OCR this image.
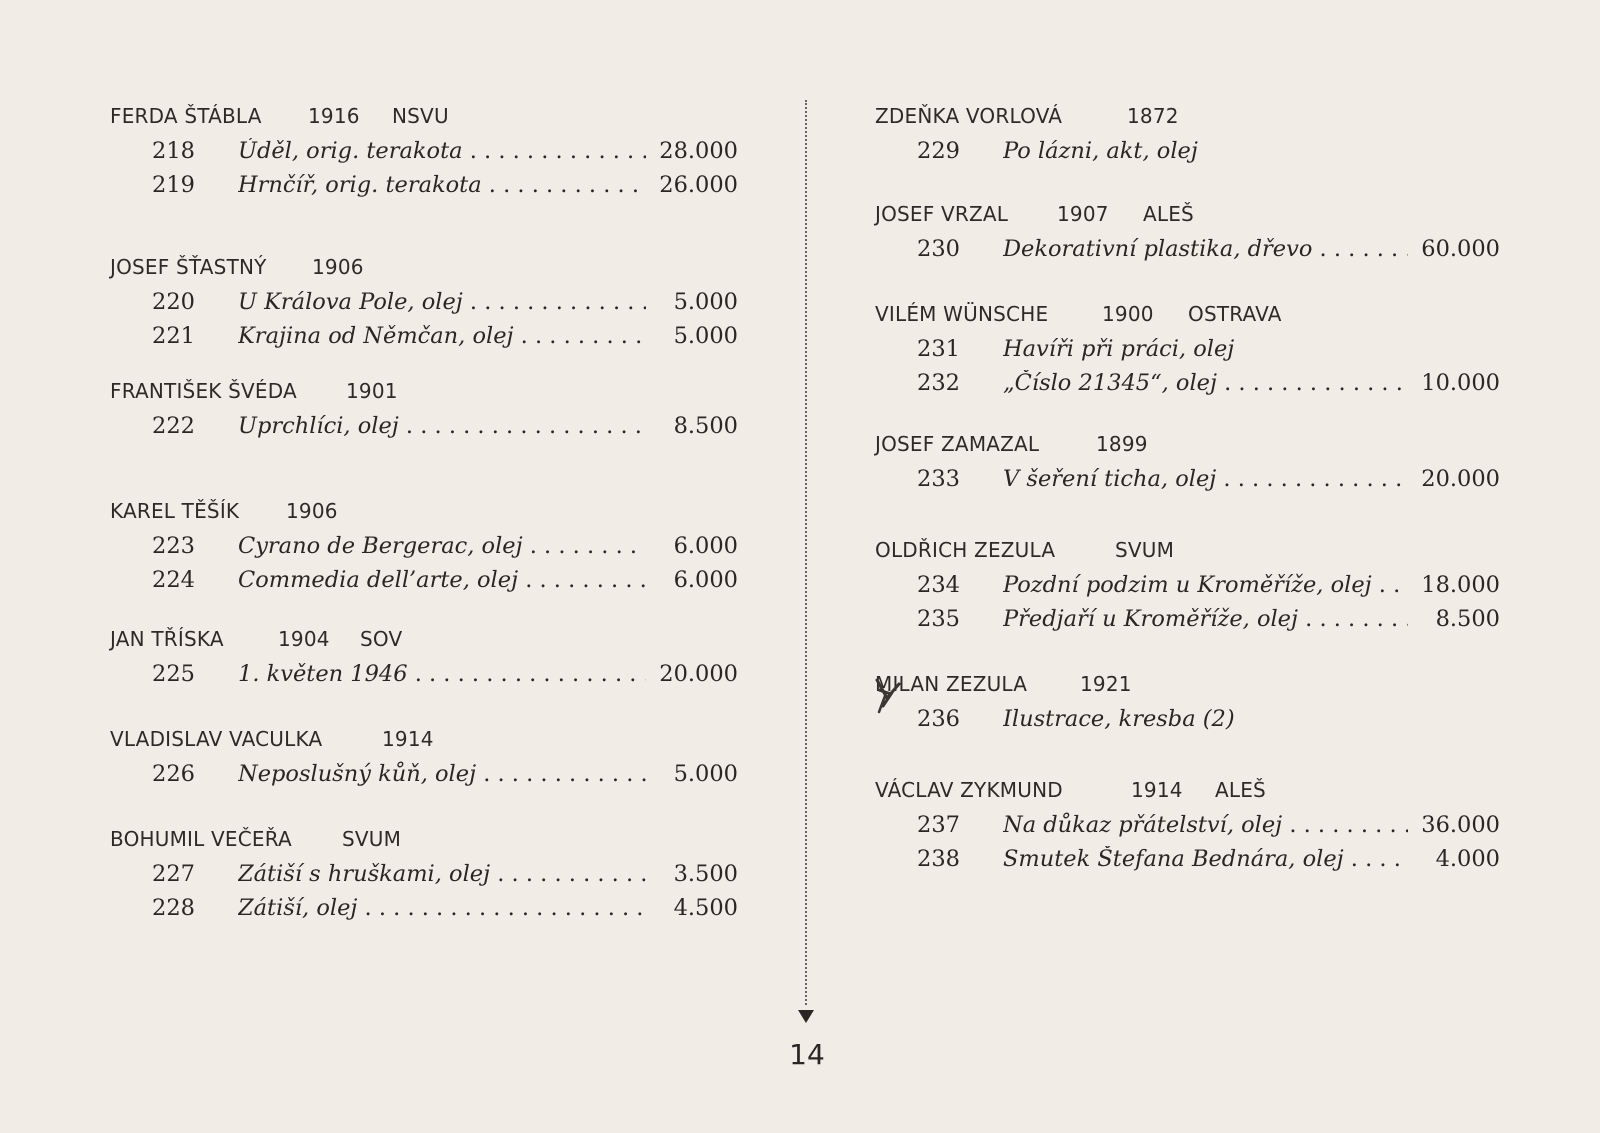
FERDA ŠTÁBLA 1916 NSVU
218 Úděl, orig. terakota . . .	28.000
219 Hrnčíř, orig. terakota . . .	26.000
JOSEF ŠŤASTNÝ 1906
220 U Králova Pole, olej . . .	5.000
221 Krajina od Němčan, olej . . .	5.000
FRANTIŠEK ŠVÉDA 1901
222 Uprchlíci, olej . . .	8.500
KAREL TĚŠÍK 1906
223 Cyrano de Bergerac, olej . . .	6.000
224 Commedia dell’arte, olej . . .	6.000
JAN TŘÍSKA	1904 SOV
225 1. květen 1946 . . .	20.000
VLADISLAV VACULKA	1914
226 Neposlušný kůň, olej . . .	5.000
BOHUMIL VEČEŘA	SVUM
227 Zátiší s hruškami, olej . . .	3.500
228 Zátiší, olej . . .	4.500
ZDEŇKA VORLOVÁ	1872
229 Po lázni, akt, olej
JOSEF VRZAL 1907 ALEŠ
230 Dekorativní plastika, dřevo . . .	60.000
VILÉM WÜNSCHE	1900 OSTRAVA
231 Havíři při práci, olej
232 „Číslo 21345“, olej . . .	10.000
JOSEF ZAMAZAL	1899
233 V šeření ticha, olej . . .	20.000
OLDŘICH ZEZULA	SVUM
234 Pozdní podzim u Kroměříže, olej . . .	18.000
235 Předjaří u Kroměříže, olej . . .	8.500
MILAN ZEZULA	1921
236 Ilustrace, kresba (2)
VÁCLAV ZYKMUND	1914 ALEŠ
237 Na důkaz přátelství, olej . . .	36.000
238 Smutek Štefana Bednára, olej . . .	4.000
14
